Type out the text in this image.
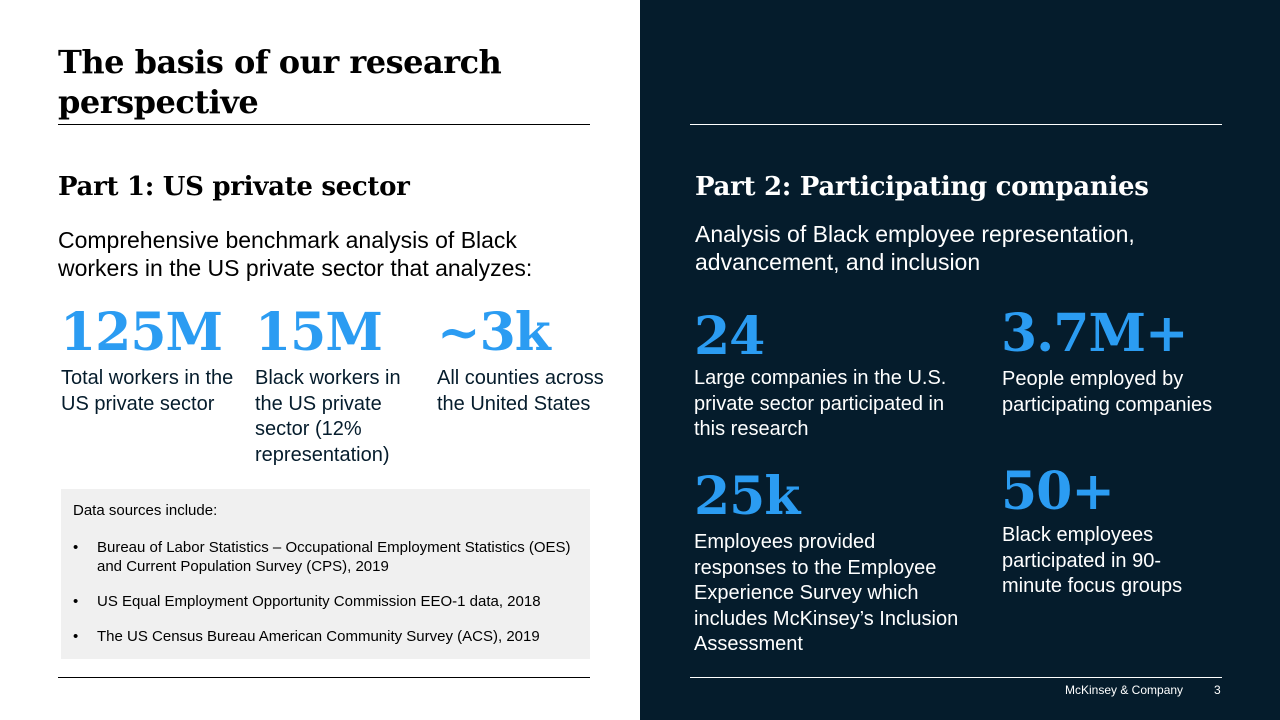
The basis of our research perspective
Part 1: US private sector
Comprehensive benchmark analysis of Black workers in the US private sector that analyzes:
125M
Total workers in the US private sector
15M
Black workers in the US private sector (12% representation)
~3k
All counties across the United States
Data sources include:
• Bureau of Labor Statistics – Occupational Employment Statistics (OES) and Current Population Survey (CPS), 2019
• US Equal Employment Opportunity Commission EEO-1 data, 2018
• The US Census Bureau American Community Survey (ACS), 2019
Part 2: Participating companies
Analysis of Black employee representation, advancement, and inclusion
24
Large companies in the U.S. private sector participated in this research
3.7M+
People employed by participating companies
25k
Employees provided responses to the Employee Experience Survey which includes McKinsey’s Inclusion Assessment
50+
Black employees participated in 90-minute focus groups
McKinsey & Company	3
